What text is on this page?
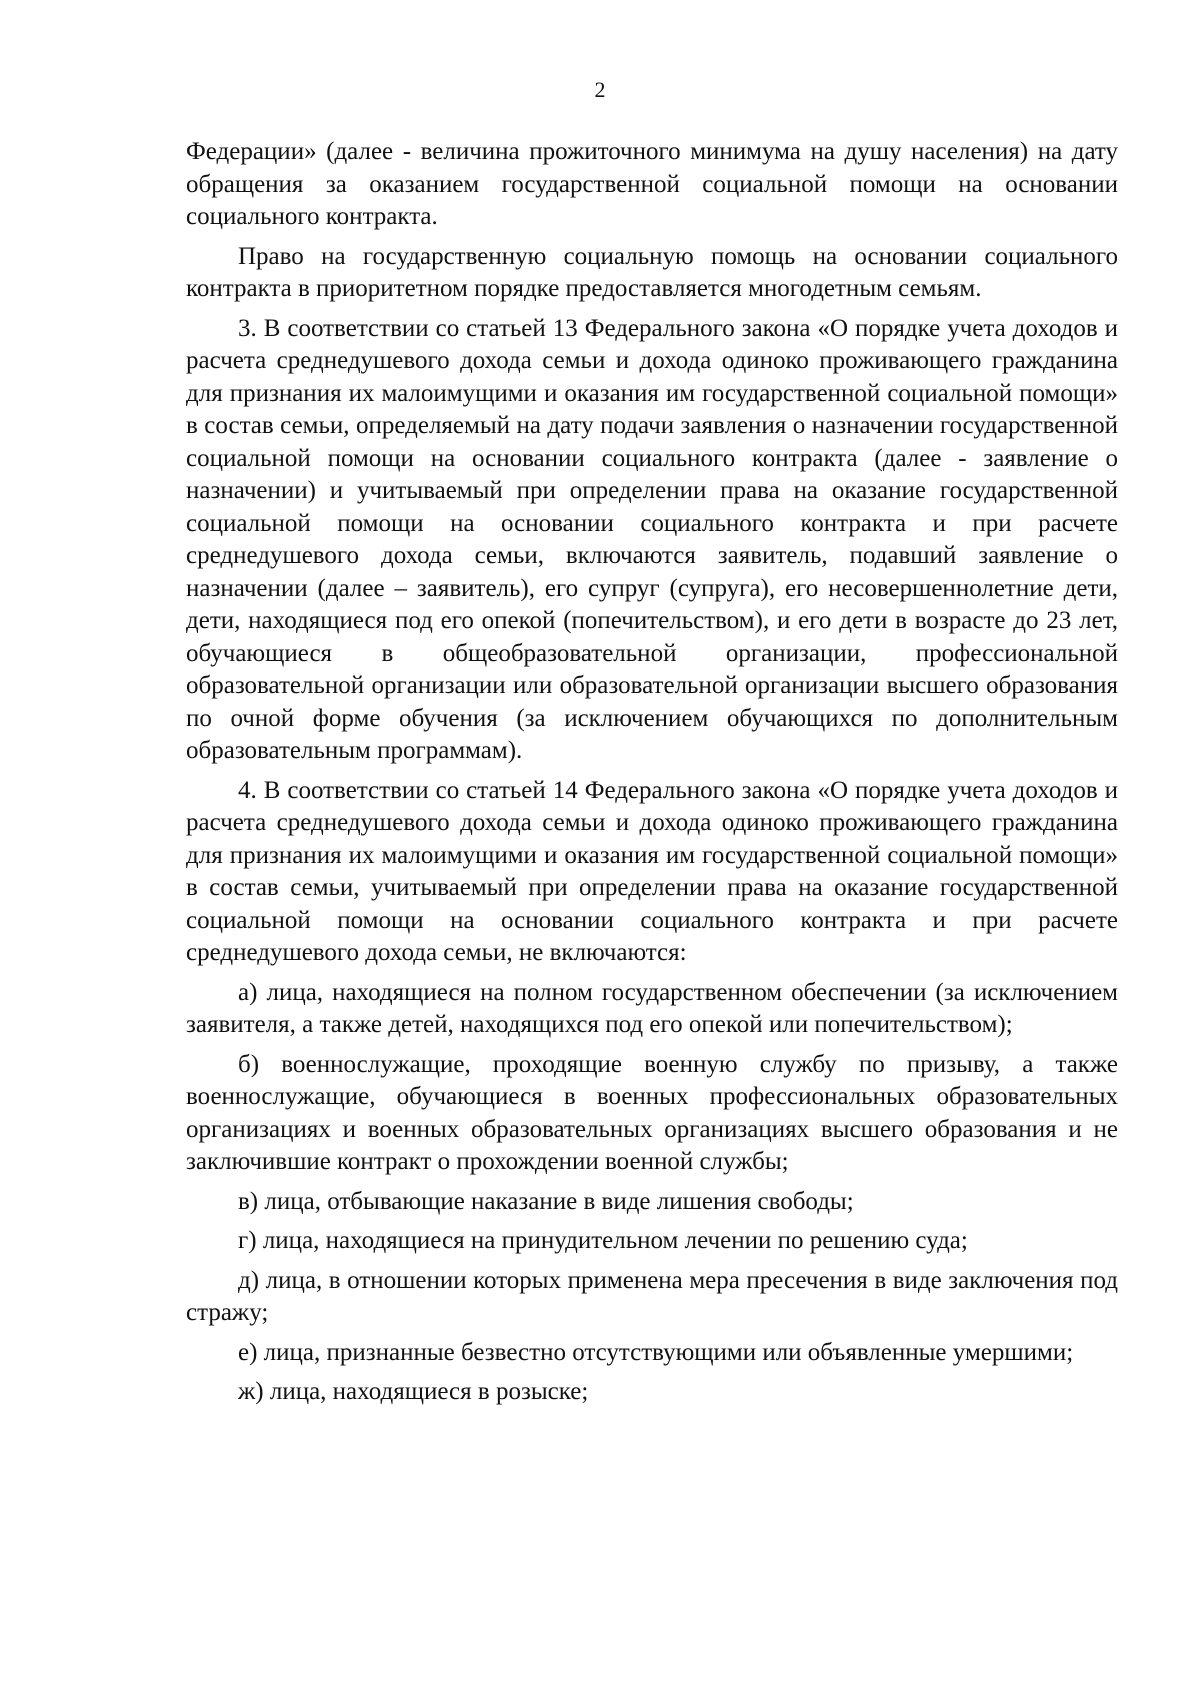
2

Федерации» (далее - величина прожиточного минимума на душу населения) на дату обращения за оказанием государственной социальной помощи на основании социального контракта.

Право на государственную социальную помощь на основании социального контракта в приоритетном порядке предоставляется многодетным семьям.

3. В соответствии со статьей 13 Федерального закона «О порядке учета доходов и расчета среднедушевого дохода семьи и дохода одиноко проживающего гражданина для признания их малоимущими и оказания им государственной социальной помощи» в состав семьи, определяемый на дату подачи заявления о назначении государственной социальной помощи на основании социального контракта (далее - заявление о назначении) и учитываемый при определении права на оказание государственной социальной помощи на основании социального контракта и при расчете среднедушевого дохода семьи, включаются заявитель, подавший заявление о назначении (далее – заявитель), его супруг (супруга), его несовершеннолетние дети, дети, находящиеся под его опекой (попечительством), и его дети в возрасте до 23 лет, обучающиеся в общеобразовательной организации, профессиональной образовательной организации или образовательной организации высшего образования по очной форме обучения (за исключением обучающихся по дополнительным образовательным программам).

4. В соответствии со статьей 14 Федерального закона «О порядке учета доходов и расчета среднедушевого дохода семьи и дохода одиноко проживающего гражданина для признания их малоимущими и оказания им государственной социальной помощи» в состав семьи, учитываемый при определении права на оказание государственной социальной помощи на основании социального контракта и при расчете среднедушевого дохода семьи, не включаются:

а) лица, находящиеся на полном государственном обеспечении (за исключением заявителя, а также детей, находящихся под его опекой или попечительством);

б) военнослужащие, проходящие военную службу по призыву, а также военнослужащие, обучающиеся в военных профессиональных образовательных организациях и военных образовательных организациях высшего образования и не заключившие контракт о прохождении военной службы;

в) лица, отбывающие наказание в виде лишения свободы;

г) лица, находящиеся на принудительном лечении по решению суда;

д) лица, в отношении которых применена мера пресечения в виде заключения под стражу;

е) лица, признанные безвестно отсутствующими или объявленные умершими;

ж) лица, находящиеся в розыске;
